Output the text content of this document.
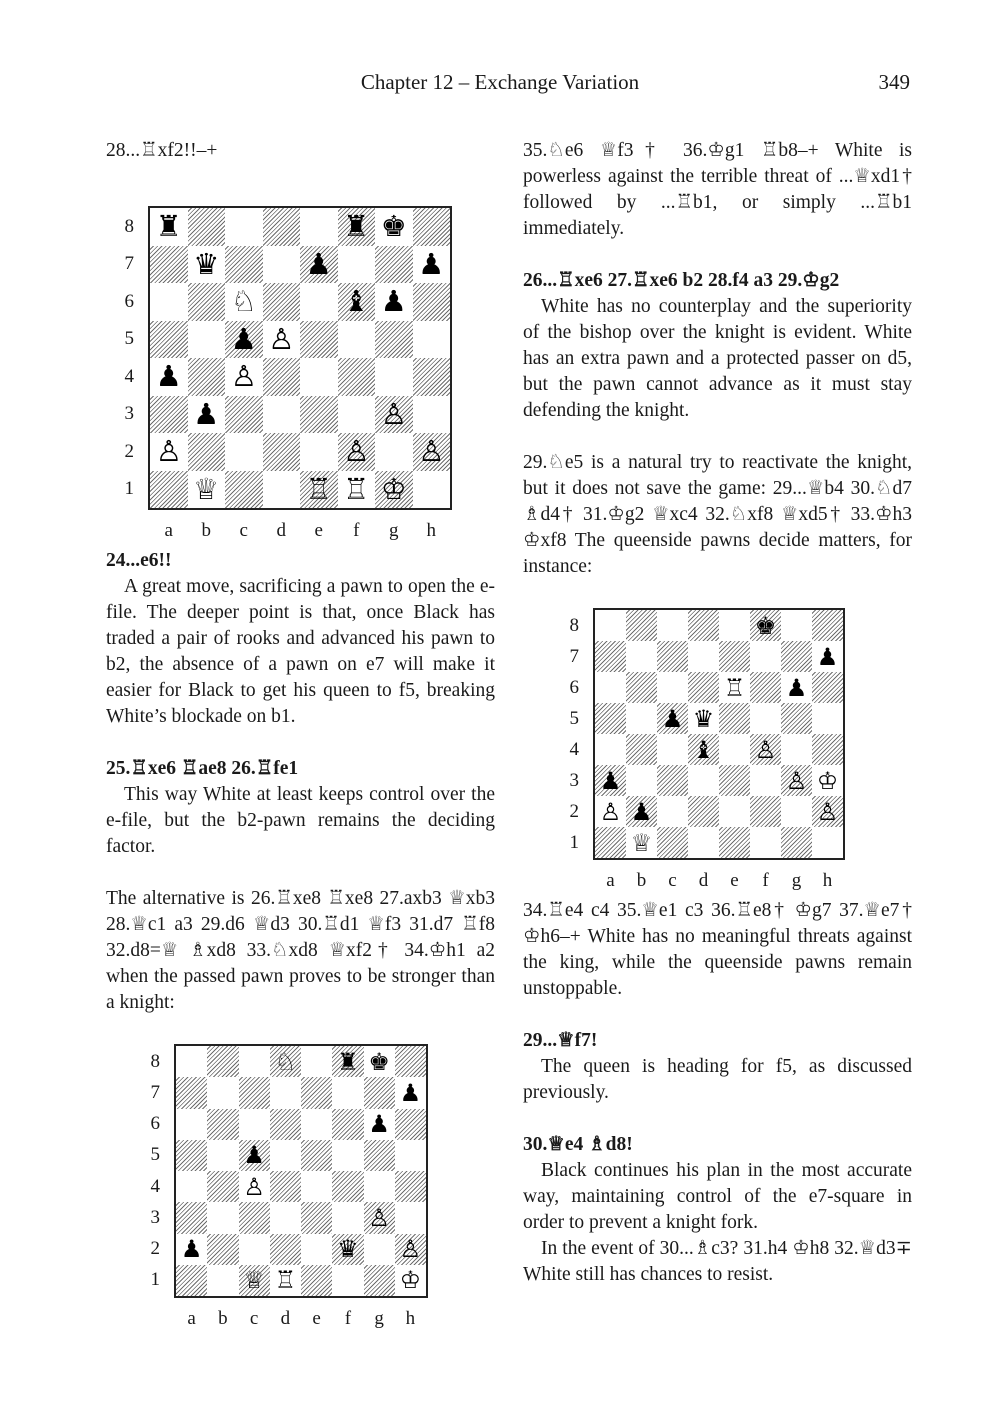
Chapter 12 – Exchange Variation	349

28...♖xf2!!–+

♜	♜ ♚
♛	♟	♟
♘	♝ ♟
♟ ♙
♟ ♙
♟	♙
♙	♙ ♙
♕	♖ ♖ ♔
8
7
6
5
4
3
2
1
a	b	c	d	e	f	g	h

24...e6!!

A great move, sacrificing a pawn to open the e-file. The deeper point is that, once Black has traded a pair of rooks and advanced his pawn to b2, the absence of a pawn on e7 will make it easier for Black to get his queen to f5, breaking White’s blockade on b1.

25.♖xe6 ♖ae8 26.♖fe1

This way White at least keeps control over the e-file, but the b2-pawn remains the deciding factor.

The alternative is 26.♖xe8 ♖xe8 27.axb3 ♕xb3 28.♕c1 a3 29.d6 ♕d3 30.♖d1 ♕f3 31.d7 ♖f8 32.d8=♕ ♗xd8 33.♘xd8 ♕xf2† 34.♔h1 a2 when the passed pawn proves to be stronger than a knight:

♘ ♜ ♚
♟
♟
♟
♙
♙
♟	♛ ♙
♕ ♖	♔
8
7
6
5
4
3
2
1
a	b	c	d	e	f	g	h

35.♘e6 ♕f3† 36.♔g1 ♖b8–+ White is powerless against the terrible threat of ...♕xd1† followed by ...♖b1, or simply ...♖b1 immediately.

26...♖xe6 27.♖xe6 b2 28.f4 a3 29.♔g2

White has no counterplay and the superiority of the bishop over the knight is evident. White has an extra pawn and a protected passer on d5, but the pawn cannot advance as it must stay defending the knight.

29.♘e5 is a natural try to reactivate the knight, but it does not save the game: 29...♕b4 30.♘d7 ♗d4† 31.♔g2 ♕xc4 32.♘xf8 ♕xd5† 33.♔h3 ♔xf8 The queenside pawns decide matters, for instance:

♚
♟
♖ ♟
♟ ♛
♝ ♙
♟	♙ ♔
♙ ♟	♙
♕
8
7
6
5
4
3
2
1
a	b	c	d	e	f	g	h

34.♖e4 c4 35.♕e1 c3 36.♖e8† ♔g7 37.♕e7† ♔h6–+ White has no meaningful threats against the king, while the queenside pawns remain unstoppable.

29...♕f7!

The queen is heading for f5, as discussed previously.

30.♕e4 ♗d8!

Black continues his plan in the most accurate way, maintaining control of the e7-square in order to prevent a knight fork.

In the event of 30...♗c3? 31.h4 ♔h8 32.♕d3∓ White still has chances to resist.
